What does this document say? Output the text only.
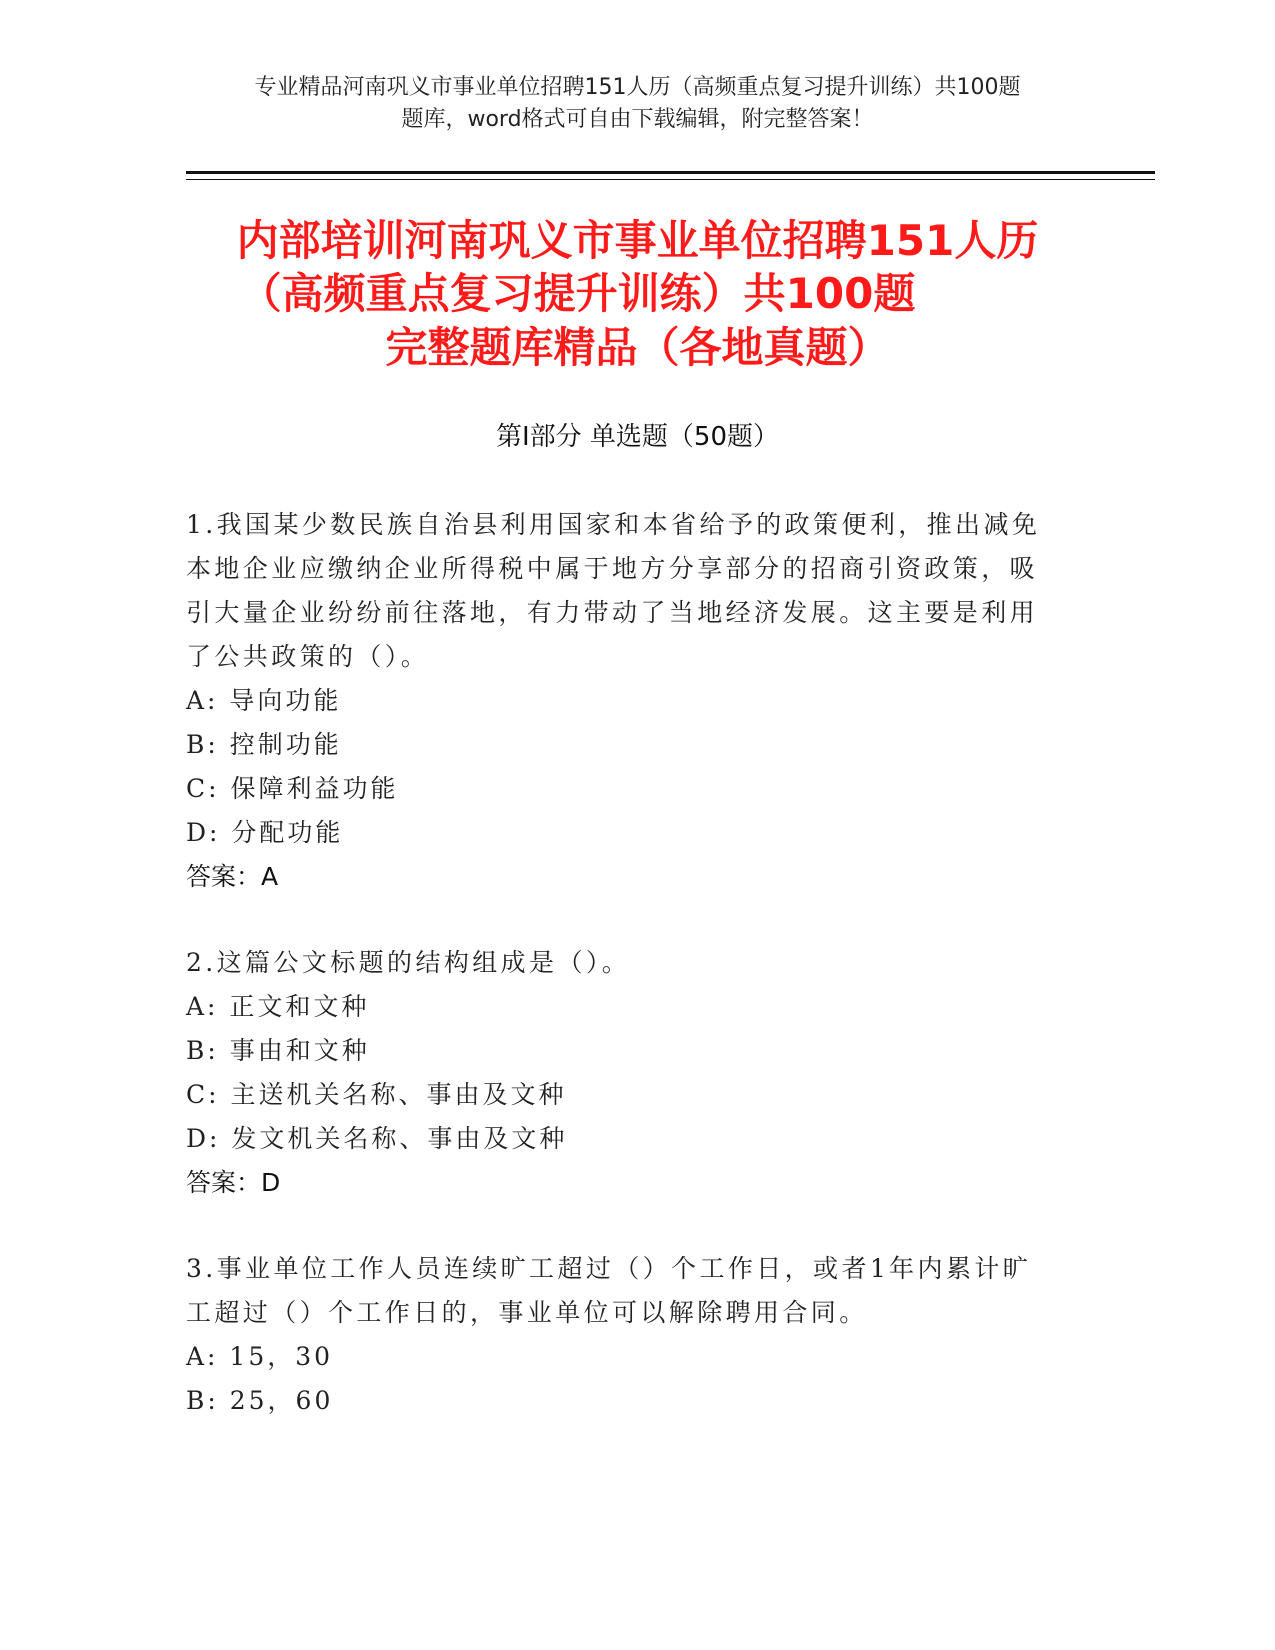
专业精品河南巩义市事业单位招聘151人历（高频重点复习提升训练）共100题
题库，word格式可自由下载编辑，附完整答案！
内部培训河南巩义市事业单位招聘151人历
（高频重点复习提升训练）共100题
完整题库精品（各地真题）
第Ⅰ部分 单选题（50题）
1.我国某少数民族自治县利用国家和本省给予的政策便利，推出减免
本地企业应缴纳企业所得税中属于地方分享部分的招商引资政策，吸
引大量企业纷纷前往落地，有力带动了当地经济发展。这主要是利用
了公共政策的（）。
A: 导向功能
B: 控制功能
C: 保障利益功能
D: 分配功能
答案：A
2.这篇公文标题的结构组成是（）。
A: 正文和文种
B: 事由和文种
C: 主送机关名称、事由及文种
D: 发文机关名称、事由及文种
答案：D
3.事业单位工作人员连续旷工超过（）个工作日，或者1年内累计旷
工超过（）个工作日的，事业单位可以解除聘用合同。
A: 15，30
B: 25，60
